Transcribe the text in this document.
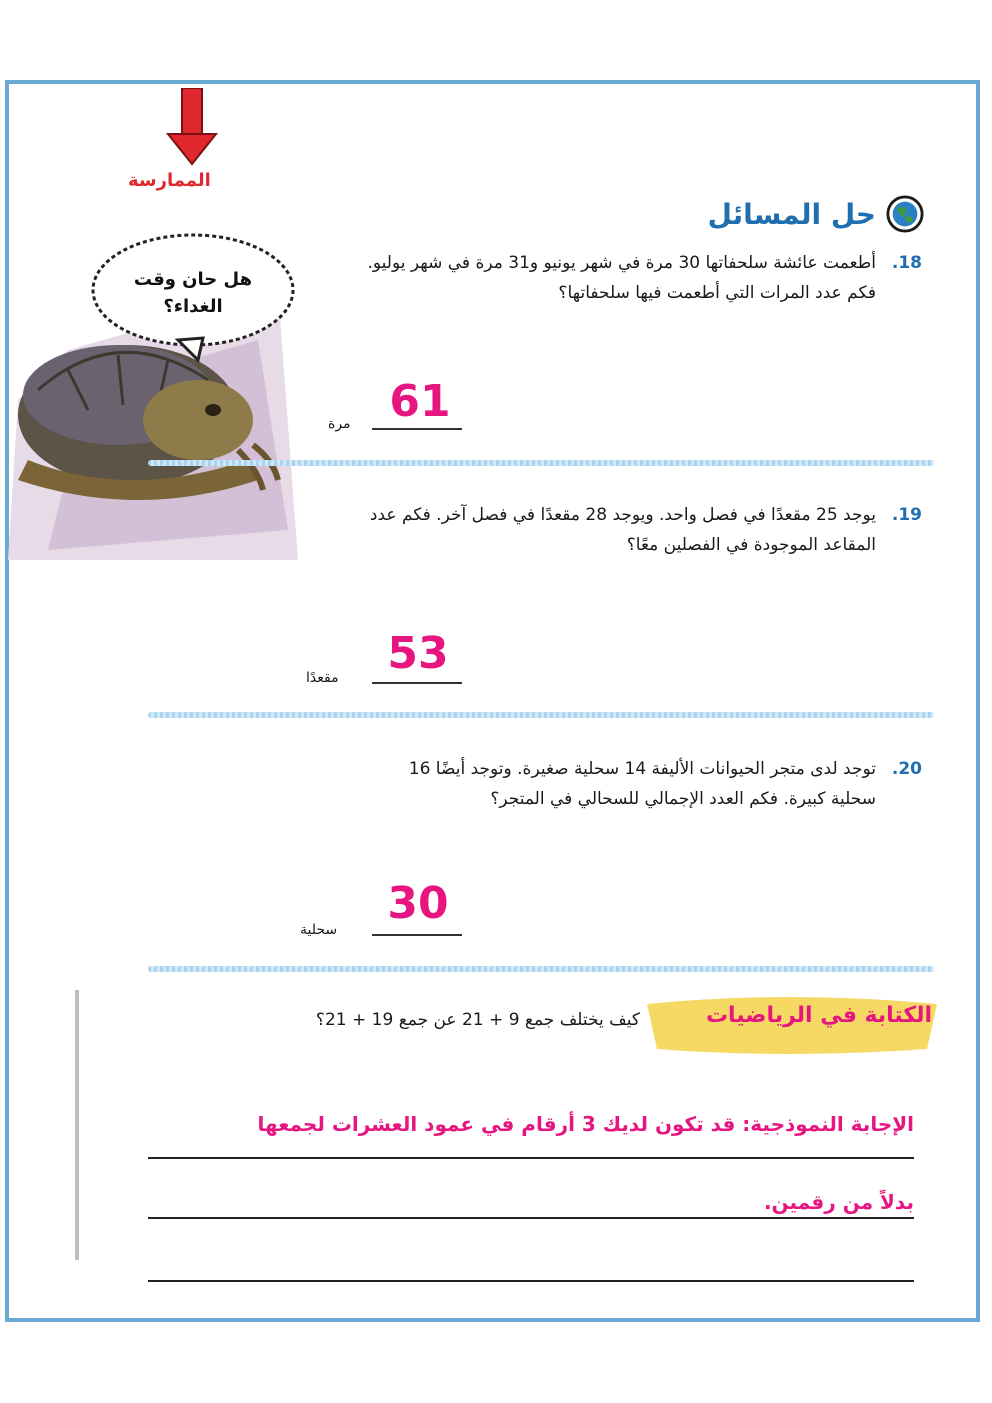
الممارسة
حل المسائل
هل حان وقت
الغداء؟
18.
أطعمت عائشة سلحفاتها 30 مرة في شهر يونيو و31 مرة في شهر يوليو. فكم عدد المرات التي أطعمت فيها سلحفاتها؟
61
مرة
19.
يوجد 25 مقعدًا في فصل واحد. ويوجد 28 مقعدًا في فصل آخر. فكم عدد المقاعد الموجودة في الفصلين معًا؟
53
مقعدًا
20.
توجد لدى متجر الحيوانات الأليفة 14 سحلية صغيرة. وتوجد أيضًا 16 سحلية كبيرة. فكم العدد الإجمالي للسحالي في المتجر؟
30
سحلية
الكتابة في الرياضيات
كيف يختلف جمع 9 + 21 عن جمع 19 + 21؟
الإجابة النموذجية: قد تكون لديك 3 أرقام في عمود العشرات لجمعها
بدلاً من رقمين.
